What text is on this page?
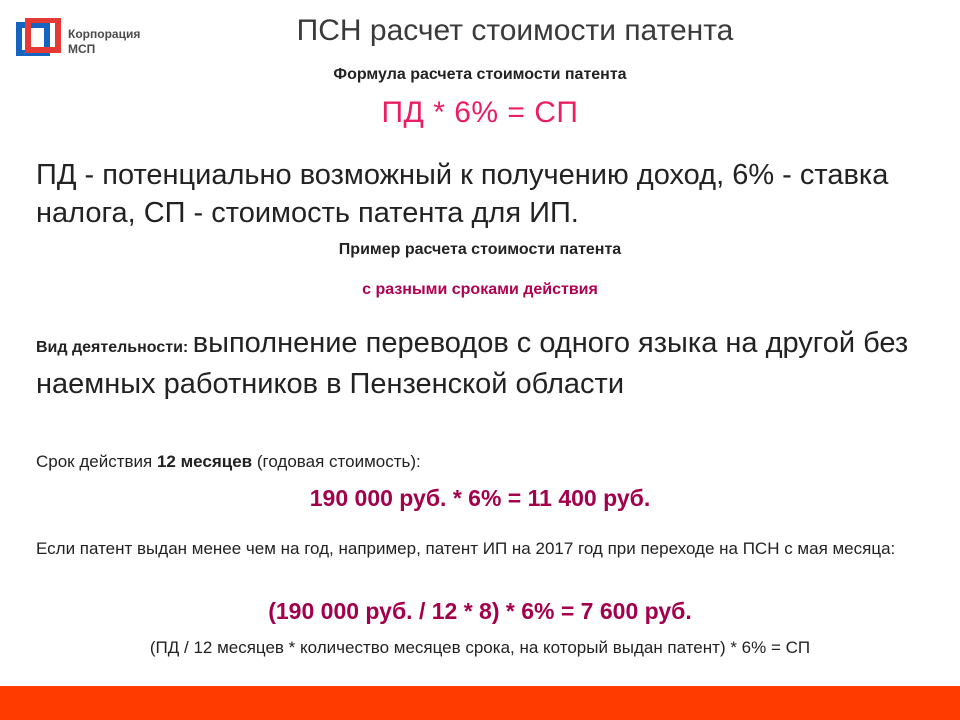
Корпорация
МСП
ПСН расчет стоимости патента
Формула расчета стоимости патента
ПД * 6% = СП
ПД - потенциально возможный к получению доход, 6% - ставка налога, СП - стоимость патента для ИП.
Пример расчета стоимости патента
с разными сроками действия
Вид деятельности: выполнение переводов с одного языка на другой без наемных работников в Пензенской области
Срок действия 12 месяцев (годовая стоимость):
190 000 руб. * 6% = 11 400 руб.
Если патент выдан менее чем на год, например, патент ИП на 2017 год при переходе на ПСН с мая месяца:
(190 000 руб. / 12 * 8) * 6% = 7 600 руб.
(ПД / 12 месяцев * количество месяцев срока, на который выдан патент) * 6% = СП
